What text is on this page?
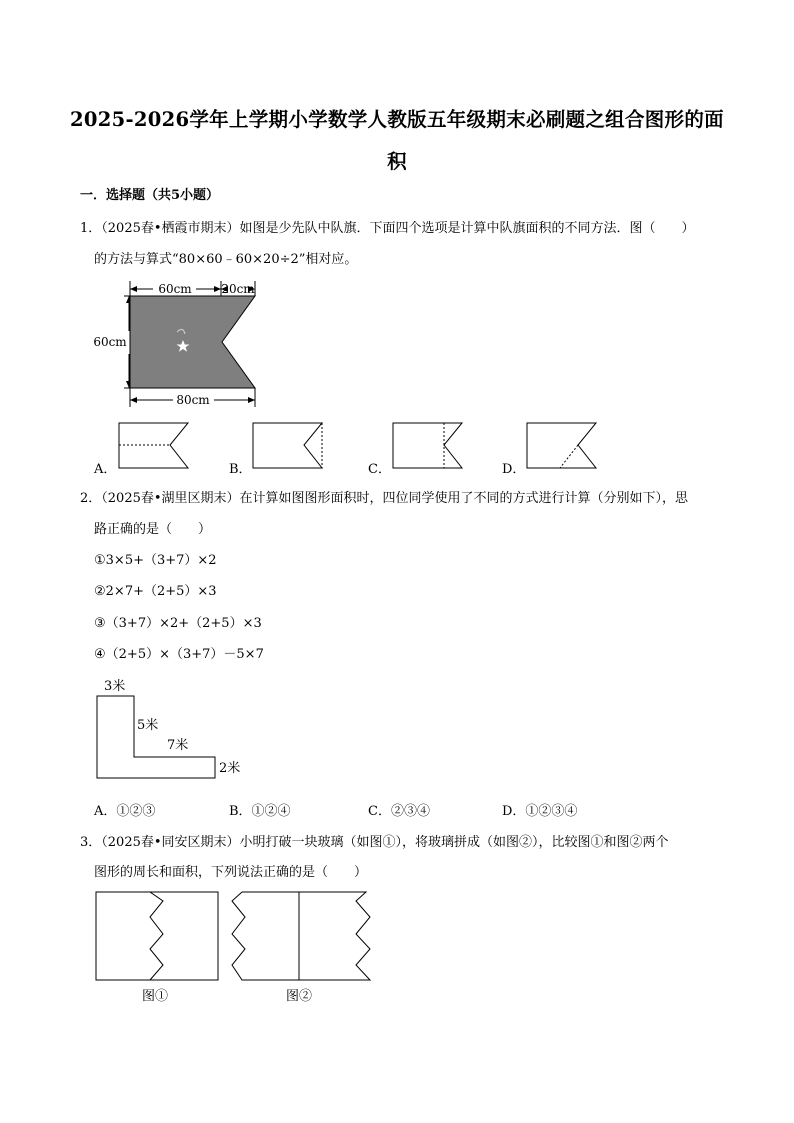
2025-2026学年上学期小学数学人教版五年级期末必刷题之组合图形的面
积
一．选择题（共5小题）
1．（2025春•栖霞市期末）如图是少先队中队旗．下面四个选项是计算中队旗面积的不同方法．图（　　）
的方法与算式“80×60﹣60×20÷2”相对应。
60cm 20cm
60cm
80cm
A．	B．	C．	D．
2．（2025春•湖里区期末）在计算如图图形面积时，四位同学使用了不同的方式进行计算（分别如下），思
路正确的是（　　）
①3×5+（3+7）×2
②2×7+（2+5）×3
③（3+7）×2+（2+5）×3
④（2+5）×（3+7）－5×7
3米
5米
7米
2米
A．①②③	B．①②④	C．②③④	D．①②③④
3．（2025春•同安区期末）小明打破一块玻璃（如图①），将玻璃拼成（如图②），比较图①和图②两个
图形的周长和面积，下列说法正确的是（　　）
图①	图②
